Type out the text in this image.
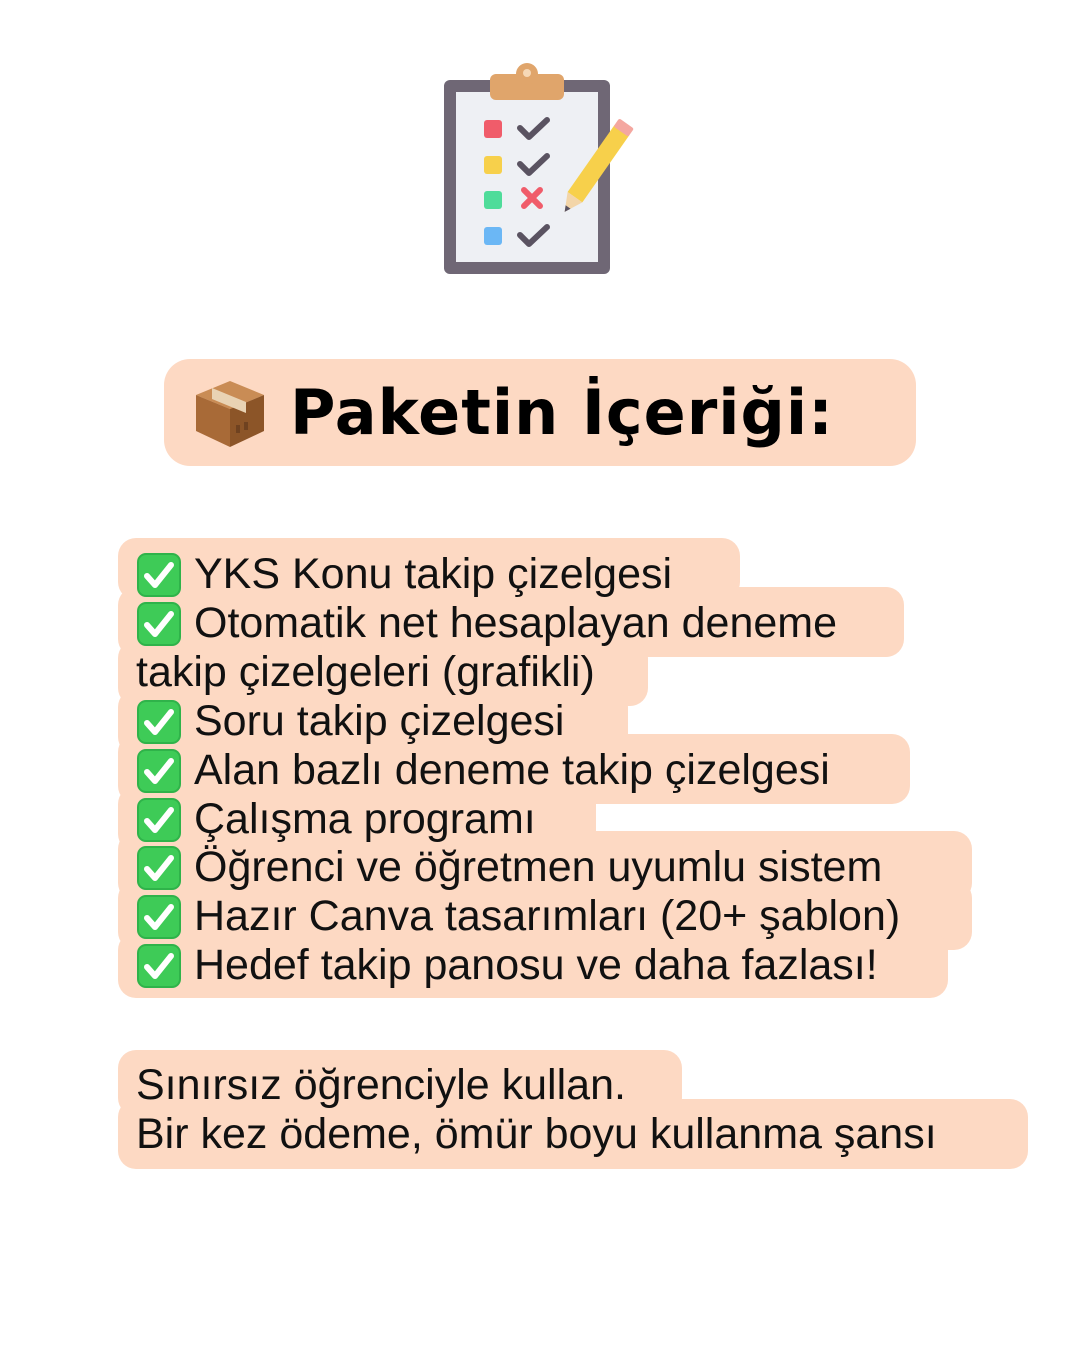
Paketin İçeriği:
YKS Konu takip çizelgesi
Otomatik net hesaplayan deneme
takip çizelgeleri (grafikli)
Soru takip çizelgesi
Alan bazlı deneme takip çizelgesi
Çalışma programı
Öğrenci ve öğretmen uyumlu sistem
Hazır Canva tasarımları (20+ şablon)
Hedef takip panosu ve daha fazlası!
Sınırsız öğrenciyle kullan.
Bir kez ödeme, ömür boyu kullanma şansı
